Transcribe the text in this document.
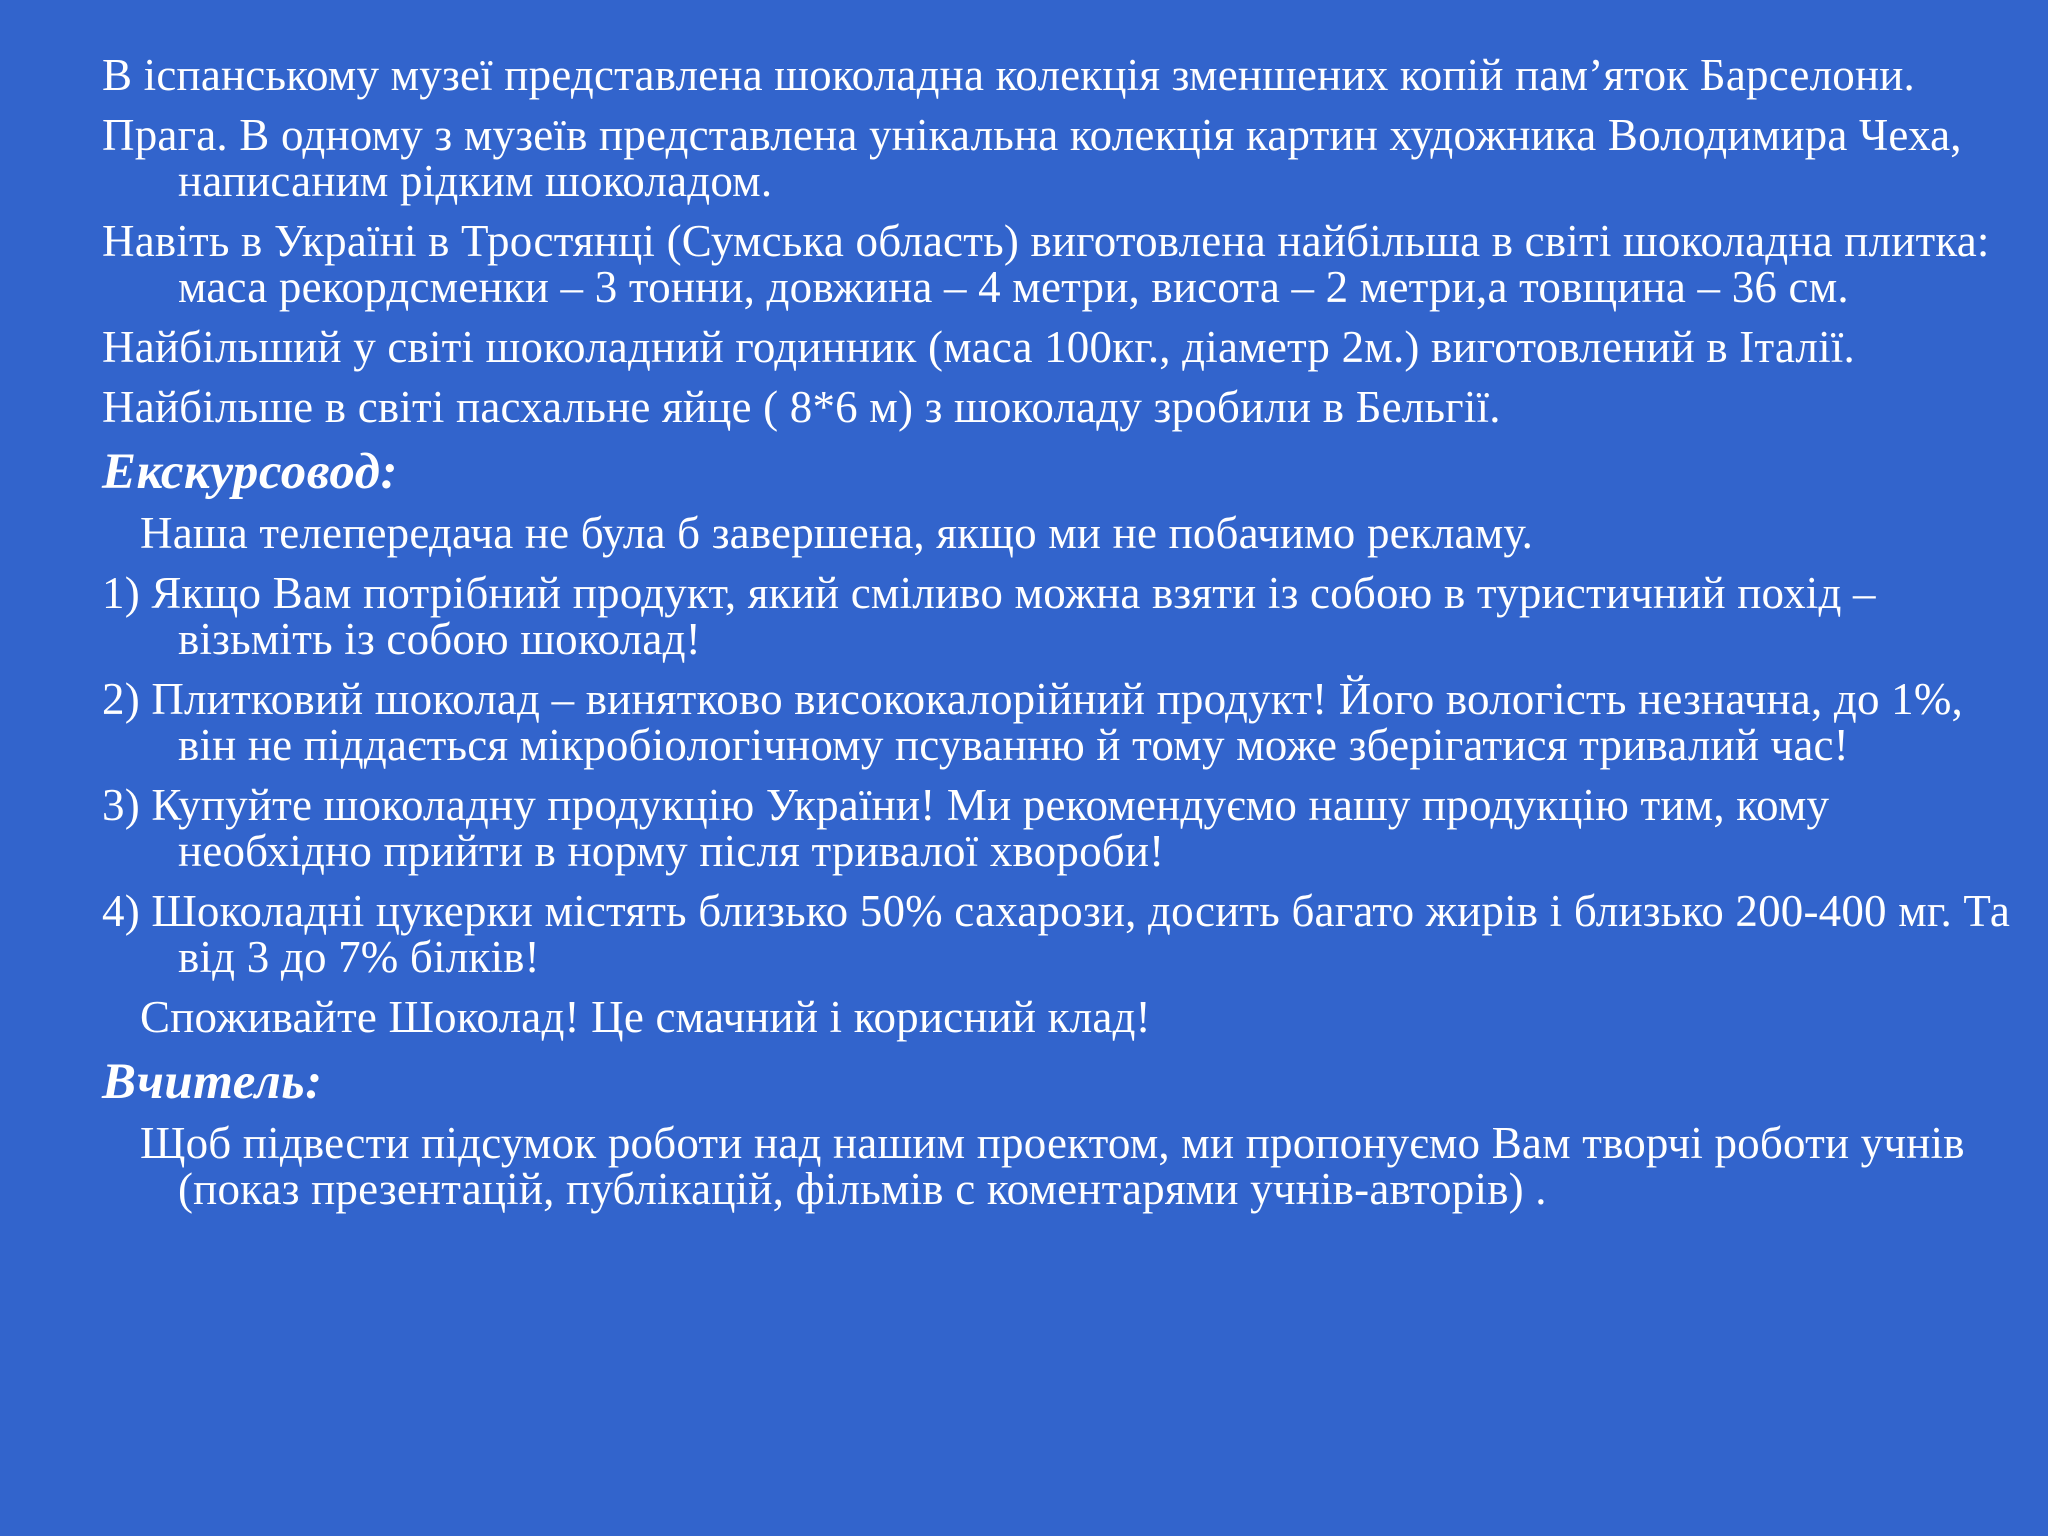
В іспанському музеї представлена шоколадна колекція зменшених копій пам’яток Барселони.

Прага. В одному з музеїв представлена унікальна колекція картин художника Володимира Чеха, написаним рідким шоколадом.

Навіть в Україні в Тростянці (Сумська область) виготовлена найбільша в світі шоколадна плитка: маса рекордсменки – 3 тонни, довжина – 4 метри, висота – 2 метри,а товщина – 36 см.

Найбільший у світі шоколадний годинник (маса 100кг., діаметр 2м.) виготовлений в Італії.

Найбільше в світі пасхальне яйце ( 8*6 м) з шоколаду зробили в Бельгії.

Екскурсовод:

Наша телепередача не була б завершена, якщо ми не побачимо рекламу.

1) Якщо Вам потрібний продукт, який сміливо можна взяти із собою в туристичний похід – візьміть із собою шоколад!

2) Плитковий шоколад – винятково висококалорійний продукт! Його вологість незначна, до 1%, він не піддається мікробіологічному псуванню й тому може зберігатися тривалий час!

3) Купуйте шоколадну продукцію України! Ми рекомендуємо нашу продукцію тим, кому необхідно прийти в норму після тривалої хвороби!

4) Шоколадні цукерки містять близько 50% сахарози, досить багато жирів і близько 200-400 мг. Та від 3 до 7% білків!

Споживайте Шоколад! Це смачний і корисний клад!

Вчитель:

Щоб підвести підсумок роботи над нашим проектом, ми пропонуємо Вам творчі роботи учнів (показ презентацій, публікацій, фільмів с коментарями учнів-авторів) .
